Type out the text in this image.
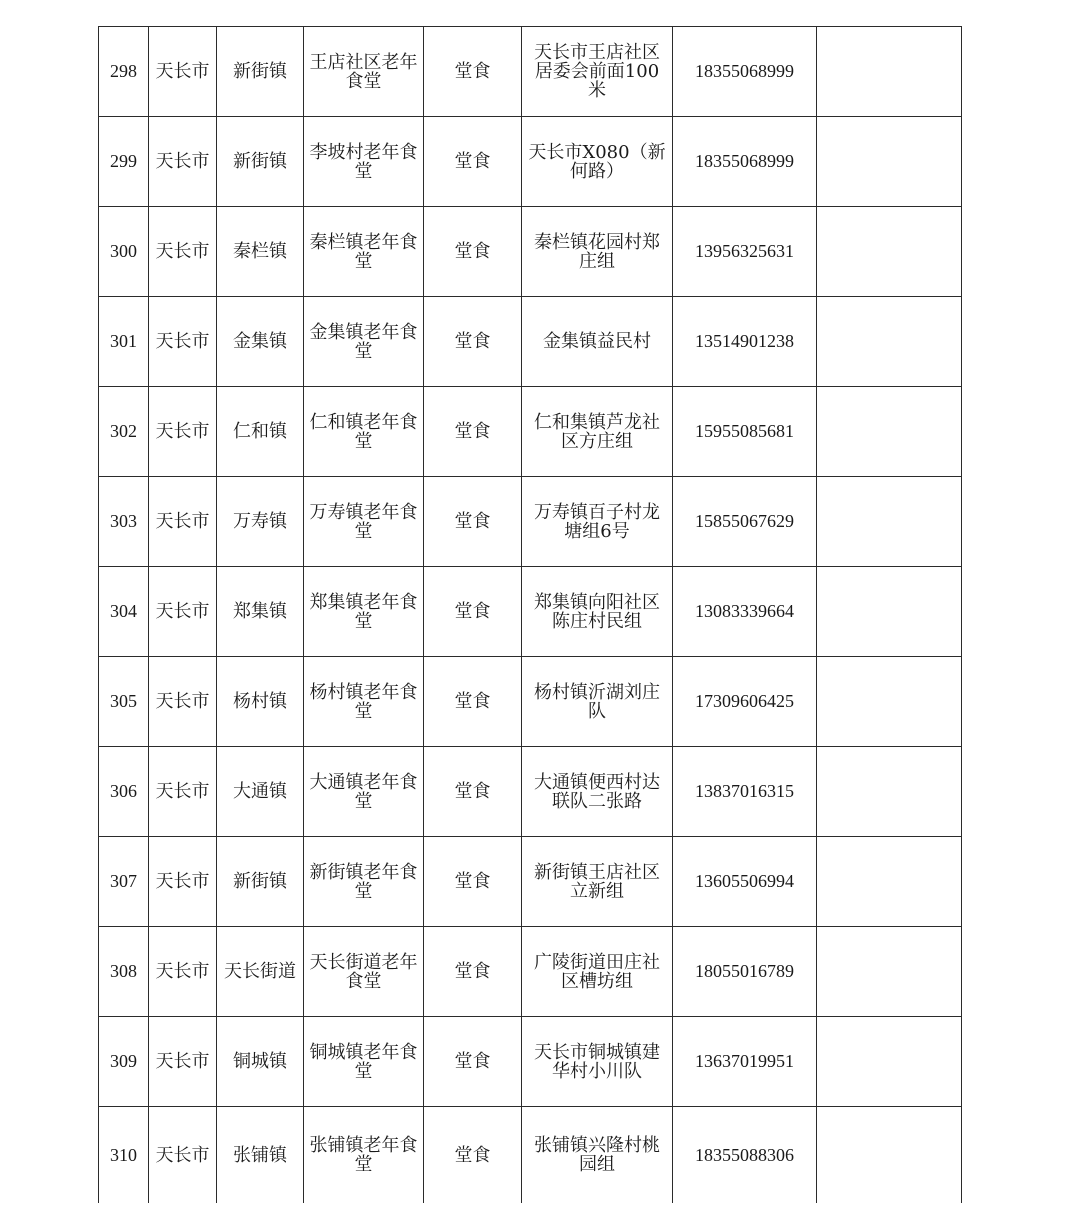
298	天长市	新街镇	王店社区老年食堂	堂食	天长市王店社区居委会前面100米	18355068999	
299	天长市	新街镇	李坡村老年食堂	堂食	天长市X080（新何路）	18355068999	
300	天长市	秦栏镇	秦栏镇老年食堂	堂食	秦栏镇花园村郑庄组	13956325631	
301	天长市	金集镇	金集镇老年食堂	堂食	金集镇益民村	13514901238	
302	天长市	仁和镇	仁和镇老年食堂	堂食	仁和集镇芦龙社区方庄组	15955085681	
303	天长市	万寿镇	万寿镇老年食堂	堂食	万寿镇百子村龙塘组6号	15855067629	
304	天长市	郑集镇	郑集镇老年食堂	堂食	郑集镇向阳社区陈庄村民组	13083339664	
305	天长市	杨村镇	杨村镇老年食堂	堂食	杨村镇沂湖刘庄队	17309606425	
306	天长市	大通镇	大通镇老年食堂	堂食	大通镇便西村达联队二张路	13837016315	
307	天长市	新街镇	新街镇老年食堂	堂食	新街镇王店社区立新组	13605506994	
308	天长市	天长街道	天长街道老年食堂	堂食	广陵街道田庄社区槽坊组	18055016789	
309	天长市	铜城镇	铜城镇老年食堂	堂食	天长市铜城镇建华村小川队	13637019951	
310	天长市	张铺镇	张铺镇老年食堂	堂食	张铺镇兴隆村桃园组	18355088306	
